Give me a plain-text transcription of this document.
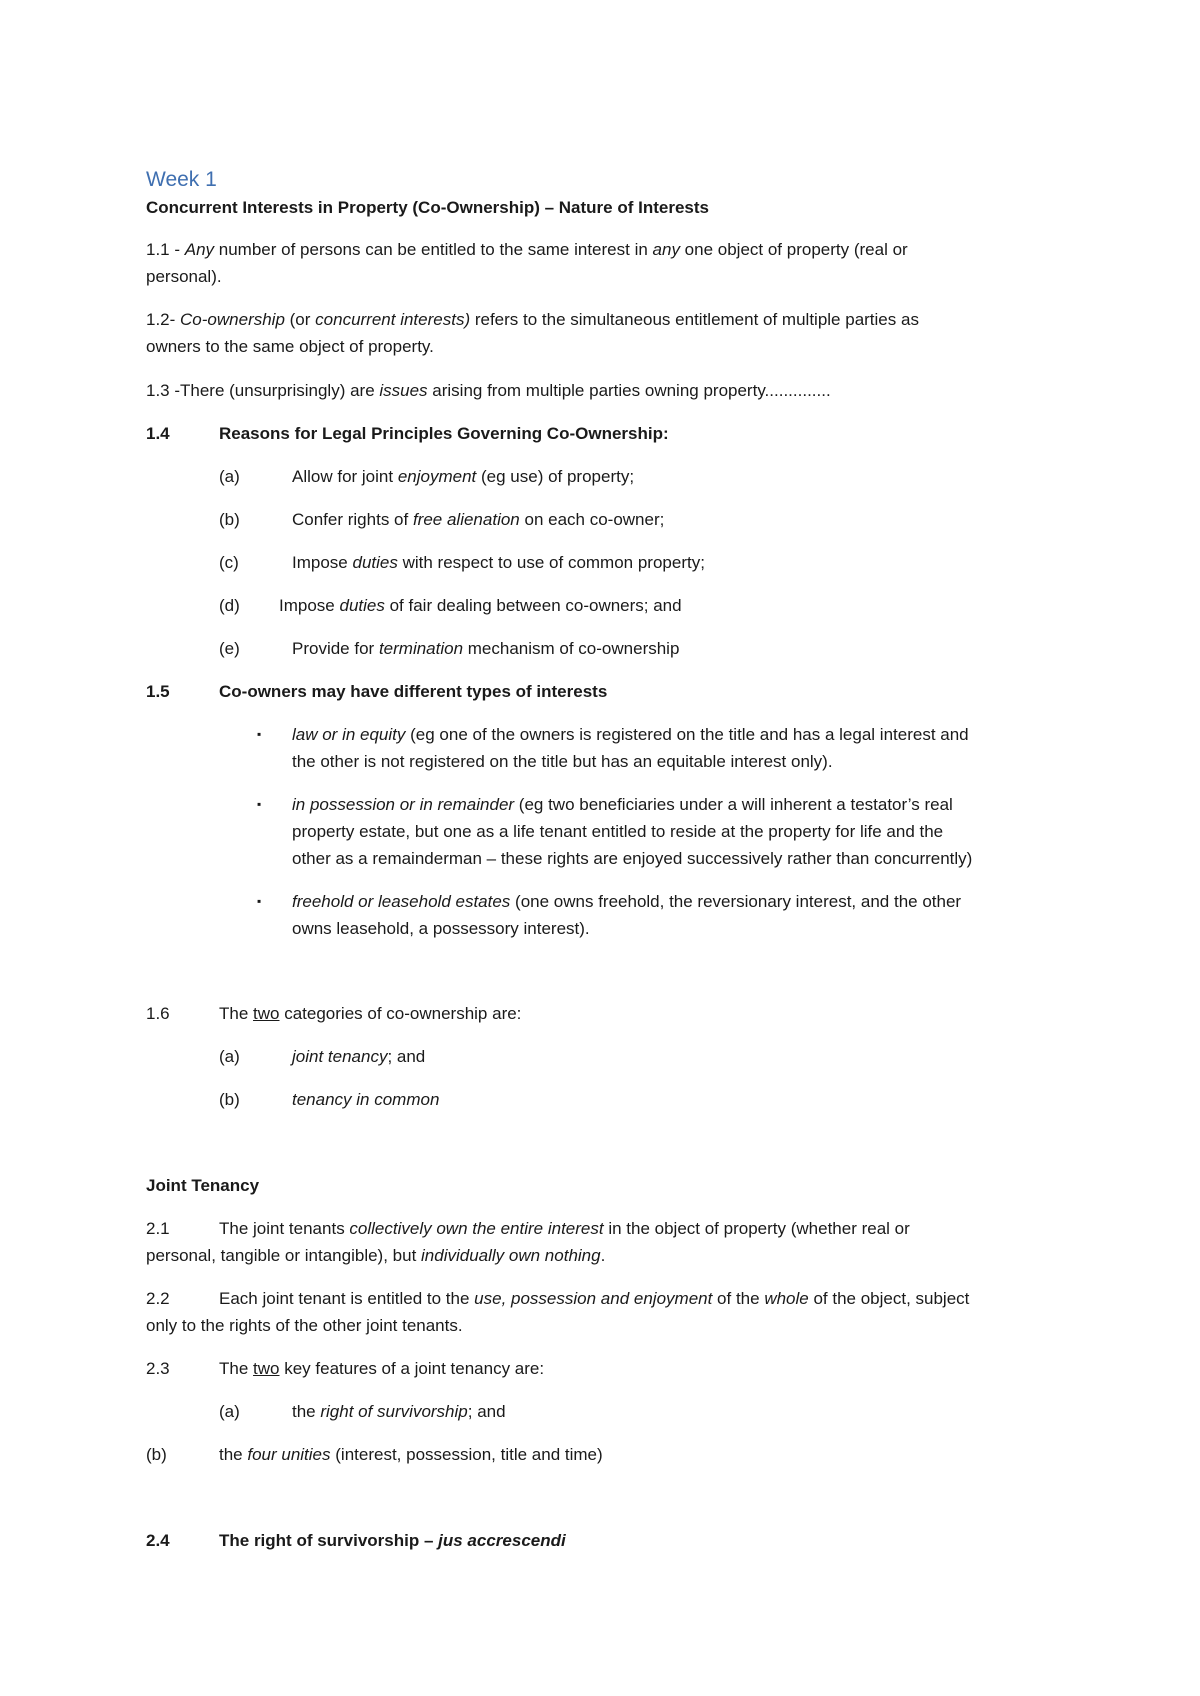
Week 1
Concurrent Interests in Property (Co-Ownership) – Nature of Interests
1.1 - Any number of persons can be entitled to the same interest in any one object of property (real or
personal).
1.2- Co-ownership (or concurrent interests) refers to the simultaneous entitlement of multiple parties as
owners to the same object of property.
1.3 -There (unsurprisingly) are issues arising from multiple parties owning property..............
1.4	Reasons for Legal Principles Governing Co-Ownership:
(a)	Allow for joint enjoyment (eg use) of property;
(b)	Confer rights of free alienation on each co-owner;
(c)	Impose duties with respect to use of common property;
(d) Impose duties of fair dealing between co-owners; and
(e)	Provide for termination mechanism of co-ownership
1.5	Co-owners may have different types of interests
▪ law or in equity (eg one of the owners is registered on the title and has a legal interest and
the other is not registered on the title but has an equitable interest only).
▪ in possession or in remainder (eg two beneficiaries under a will inherent a testator’s real
property estate, but one as a life tenant entitled to reside at the property for life and the
other as a remainderman – these rights are enjoyed successively rather than concurrently)
▪ freehold or leasehold estates (one owns freehold, the reversionary interest, and the other
owns leasehold, a possessory interest).
1.6	The two categories of co-ownership are:
(a)	joint tenancy; and
(b)	tenancy in common
Joint Tenancy
2.1	The joint tenants collectively own the entire interest in the object of property (whether real or
personal, tangible or intangible), but individually own nothing.
2.2	Each joint tenant is entitled to the use, possession and enjoyment of the whole of the object, subject
only to the rights of the other joint tenants.
2.3	The two key features of a joint tenancy are:
(a)	the right of survivorship; and
(b)	the four unities (interest, possession, title and time)
2.4	The right of survivorship – jus accrescendi
